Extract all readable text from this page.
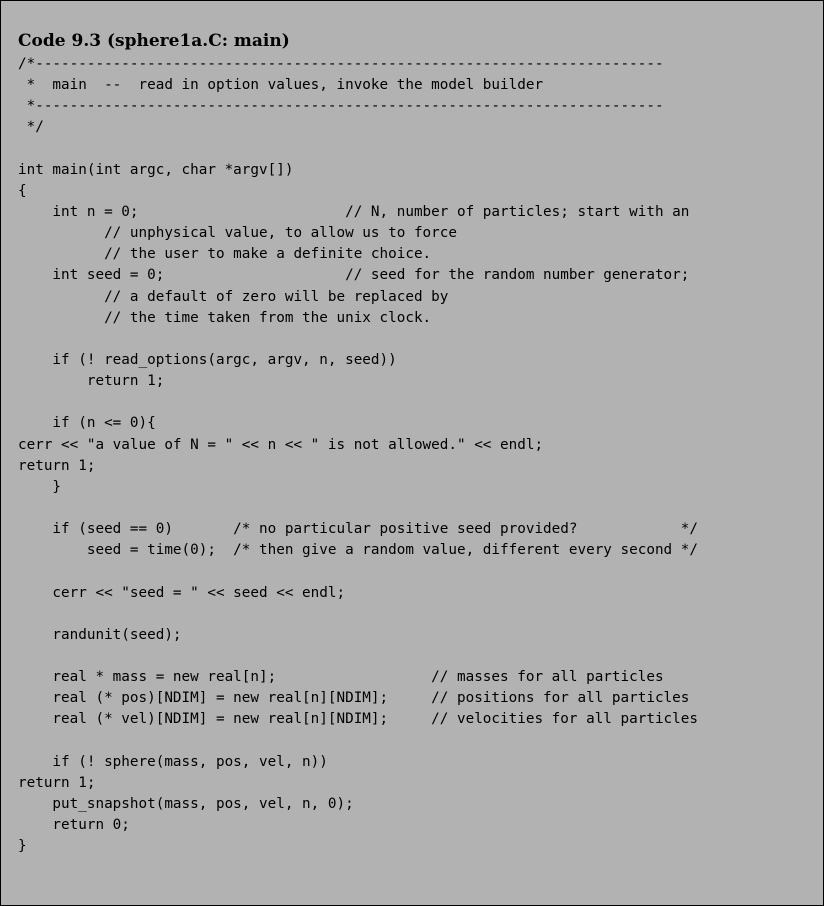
Code 9.3 (sphere1a.C: main)
/*-------------------------------------------------------------------------
*  main  --  read in option values, invoke the model builder
*-------------------------------------------------------------------------
*/
int main(int argc, char *argv[])
{
int n = 0;                        // N, number of particles; start with an
// unphysical value, to allow us to force
// the user to make a definite choice.
int seed = 0;                     // seed for the random number generator;
// a default of zero will be replaced by
// the time taken from the unix clock.
if (! read_options(argc, argv, n, seed))
return 1;
if (n <= 0){
cerr << "a value of N = " << n << " is not allowed." << endl;
return 1;
}
if (seed == 0)       /* no particular positive seed provided?            */
seed = time(0);  /* then give a random value, different every second */
cerr << "seed = " << seed << endl;
randunit(seed);
real * mass = new real[n];                  // masses for all particles
real (* pos)[NDIM] = new real[n][NDIM];     // positions for all particles
real (* vel)[NDIM] = new real[n][NDIM];     // velocities for all particles
if (! sphere(mass, pos, vel, n))
return 1;
put_snapshot(mass, pos, vel, n, 0);
return 0;
}
